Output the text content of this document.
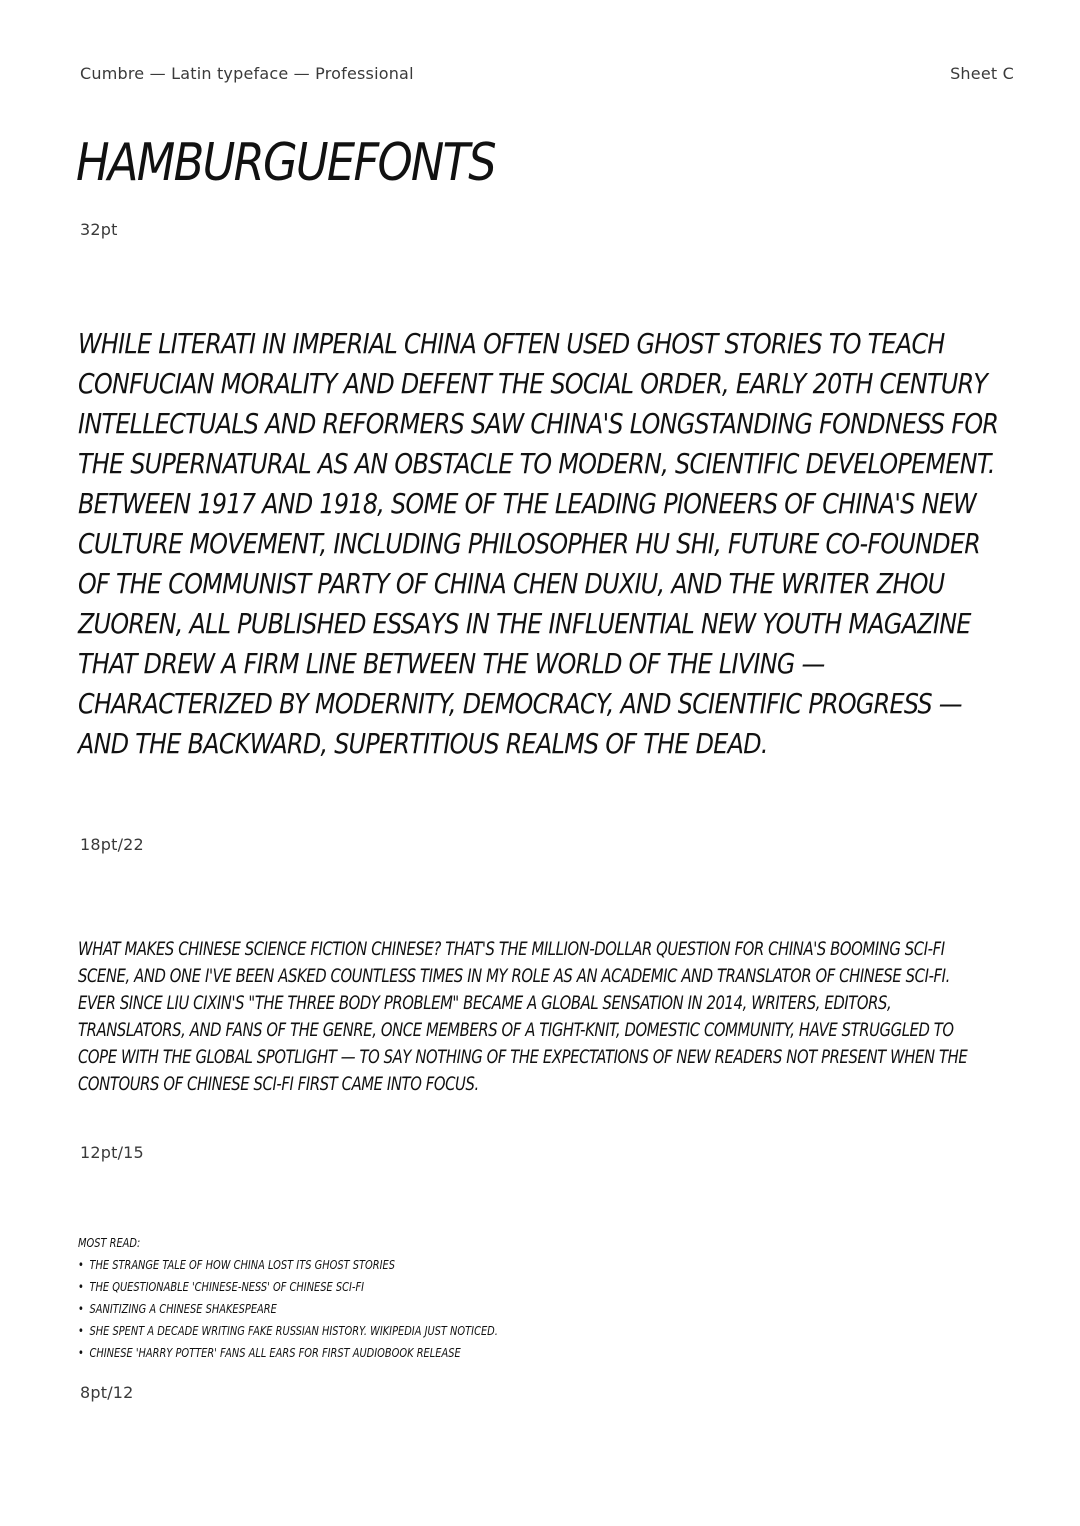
Cumbre — Latin typeface — Professional	Sheet C
HAMBURGUEFONTS
32pt

WHILE LITERATI IN IMPERIAL CHINA OFTEN USED GHOST STORIES TO TEACH CONFUCIAN MORALITY AND DEFENT THE SOCIAL ORDER, EARLY 20TH CENTURY INTELLECTUALS AND REFORMERS SAW CHINA'S LONGSTANDING FONDNESS FOR THE SUPERNATURAL AS AN OBSTACLE TO MODERN, SCIENTIFIC DEVELOPEMENT. BETWEEN 1917 AND 1918, SOME OF THE LEADING PIONEERS OF CHINA'S NEW CULTURE MOVEMENT, INCLUDING PHILOSOPHER HU SHI, FUTURE CO-FOUNDER OF THE COMMUNIST PARTY OF CHINA CHEN DUXIU, AND THE WRITER ZHOU ZUOREN, ALL PUBLISHED ESSAYS IN THE INFLUENTIAL NEW YOUTH MAGAZINE THAT DREW A FIRM LINE BETWEEN THE WORLD OF THE LIVING — CHARACTERIZED BY MODERNITY, DEMOCRACY, AND SCIENTIFIC PROGRESS — AND THE BACKWARD, SUPERTITIOUS REALMS OF THE DEAD.

18pt/22

WHAT MAKES CHINESE SCIENCE FICTION CHINESE? THAT'S THE MILLION-DOLLAR QUESTION FOR CHINA'S BOOMING SCI-FI SCENE, AND ONE I'VE BEEN ASKED COUNTLESS TIMES IN MY ROLE AS AN ACADEMIC AND TRANSLATOR OF CHINESE SCI-FI. EVER SINCE LIU CIXIN'S "THE THREE BODY PROBLEM" BECAME A GLOBAL SENSATION IN 2014, WRITERS, EDITORS, TRANSLATORS, AND FANS OF THE GENRE, ONCE MEMBERS OF A TIGHT-KNIT, DOMESTIC COMMUNITY, HAVE STRUGGLED TO COPE WITH THE GLOBAL SPOTLIGHT — TO SAY NOTHING OF THE EXPECTATIONS OF NEW READERS NOT PRESENT WHEN THE CONTOURS OF CHINESE SCI-FI FIRST CAME INTO FOCUS.

12pt/15
MOST READ:
• THE STRANGE TALE OF HOW CHINA LOST ITS GHOST STORIES
• THE QUESTIONABLE 'CHINESE-NESS' OF CHINESE SCI-FI
• SANITIZING A CHINESE SHAKESPEARE
• SHE SPENT A DECADE WRITING FAKE RUSSIAN HISTORY. WIKIPEDIA JUST NOTICED.
• CHINESE 'HARRY POTTER' FANS ALL EARS FOR FIRST AUDIOBOOK RELEASE
8pt/12
